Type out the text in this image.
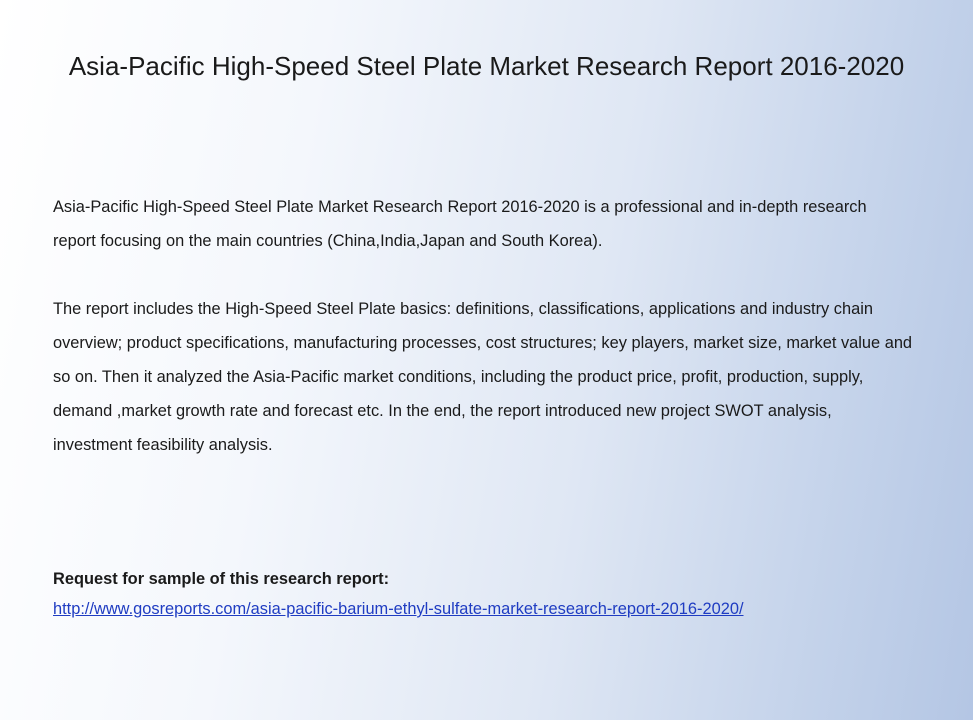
Asia-Pacific High-Speed Steel Plate Market Research Report 2016-2020

Asia-Pacific High-Speed Steel Plate Market Research Report 2016-2020 is a professional and in-depth research report focusing on the main countries (China,India,Japan and South Korea).

The report includes the High-Speed Steel Plate basics: definitions, classifications, applications and industry chain overview; product specifications, manufacturing processes, cost structures; key players, market size, market value and so on. Then it analyzed the Asia-Pacific market conditions, including the product price, profit, production, supply, demand ,market growth rate and forecast etc. In the end, the report introduced new project SWOT analysis, investment feasibility analysis.

Request for sample of this research report:
http://www.gosreports.com/asia-pacific-barium-ethyl-sulfate-market-research-report-2016-2020/
